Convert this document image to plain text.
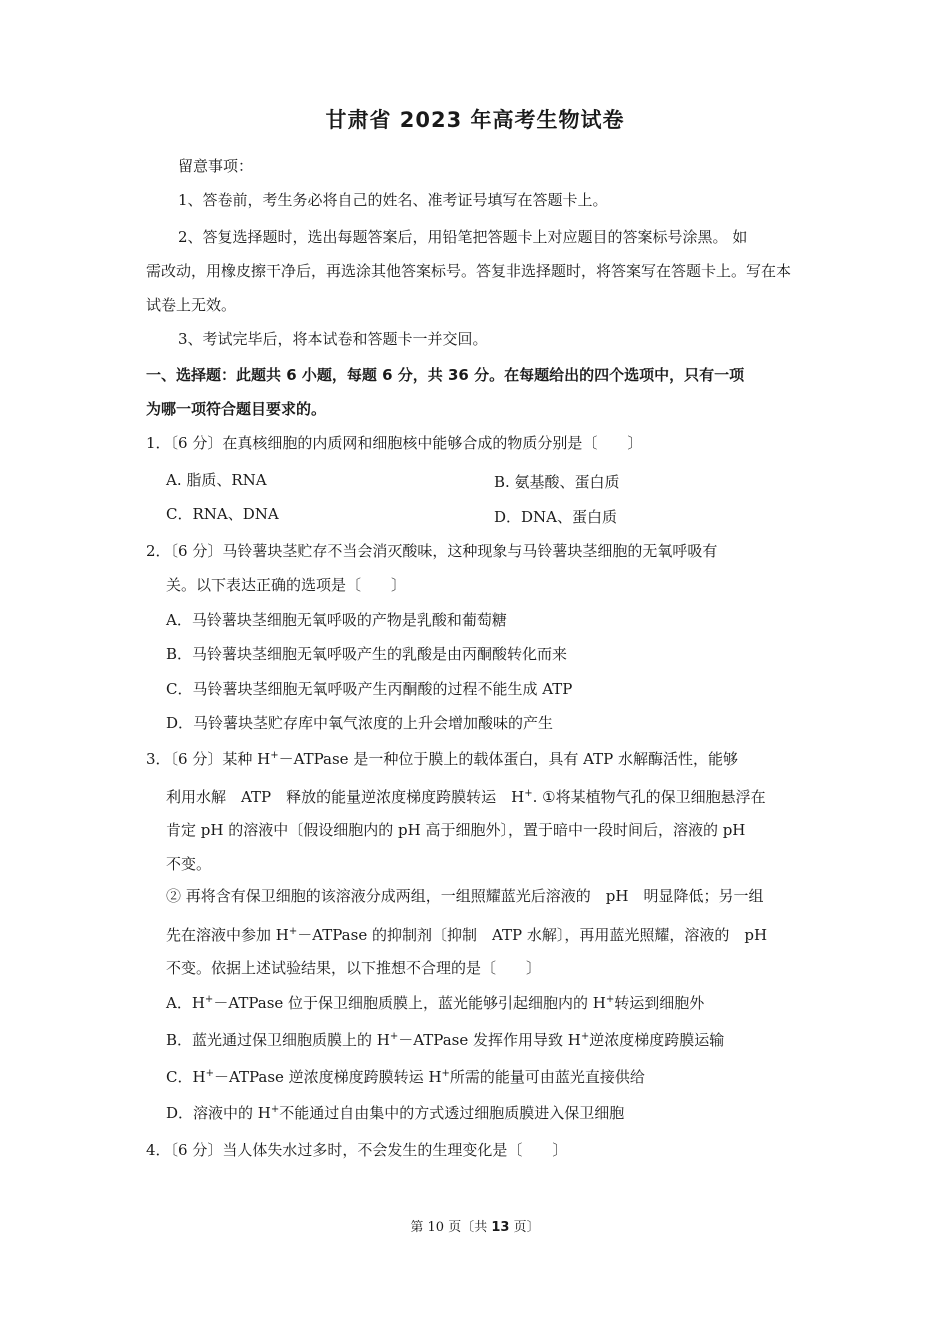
甘肃省 2023 年高考生物试卷
留意事项：
1、答卷前，考生务必将自己的姓名、准考证号填写在答题卡上。
2、答复选择题时，选出每题答案后，用铅笔把答题卡上对应题目的答案标号涂黑。 如
需改动，用橡皮擦干净后，再选涂其他答案标号。答复非选择题时，将答案写在答题卡上。写在本
试卷上无效。
3、考试完毕后，将本试卷和答题卡一并交回。
一、选择题：此题共 6 小题，每题 6 分，共 36 分。在每题给出的四个选项中，只有一项
为哪一项符合题目要求的。
1．〔6 分〕在真核细胞的内质网和细胞核中能够合成的物质分别是〔　　〕
A. 脂质、RNA	B. 氨基酸、蛋白质
C．RNA、DNA	D．DNA、蛋白质
2．〔6 分〕马铃薯块茎贮存不当会消灭酸味，这种现象与马铃薯块茎细胞的无氧呼吸有
关。以下表达正确的选项是〔　　〕
A．马铃薯块茎细胞无氧呼吸的产物是乳酸和葡萄糖
B．马铃薯块茎细胞无氧呼吸产生的乳酸是由丙酮酸转化而来
C．马铃薯块茎细胞无氧呼吸产生丙酮酸的过程不能生成 ATP
D．马铃薯块茎贮存库中氧气浓度的上升会增加酸味的产生
3．〔6 分〕某种 H+－ATPase 是一种位于膜上的载体蛋白，具有 ATP 水解酶活性，能够
利用水解　ATP　释放的能量逆浓度梯度跨膜转运　H+. ①将某植物气孔的保卫细胞悬浮在
肯定 pH 的溶液中〔假设细胞内的 pH 高于细胞外〕，置于暗中一段时间后，溶液的 pH
不变。
② 再将含有保卫细胞的该溶液分成两组，一组照耀蓝光后溶液的　pH　明显降低；另一组
先在溶液中参加 H+－ATPase 的抑制剂〔抑制　ATP 水解〕，再用蓝光照耀，溶液的　pH
不变。依据上述试验结果，以下推想不合理的是〔　　〕
A．H+－ATPase 位于保卫细胞质膜上，蓝光能够引起细胞内的 H+转运到细胞外
B．蓝光通过保卫细胞质膜上的 H+－ATPase 发挥作用导致 H+逆浓度梯度跨膜运输
C．H+－ATPase 逆浓度梯度跨膜转运 H+所需的能量可由蓝光直接供给
D．溶液中的 H+不能通过自由集中的方式透过细胞质膜进入保卫细胞
4．〔6 分〕当人体失水过多时，不会发生的生理变化是〔　　〕
第 10 页〔共 13 页〕
